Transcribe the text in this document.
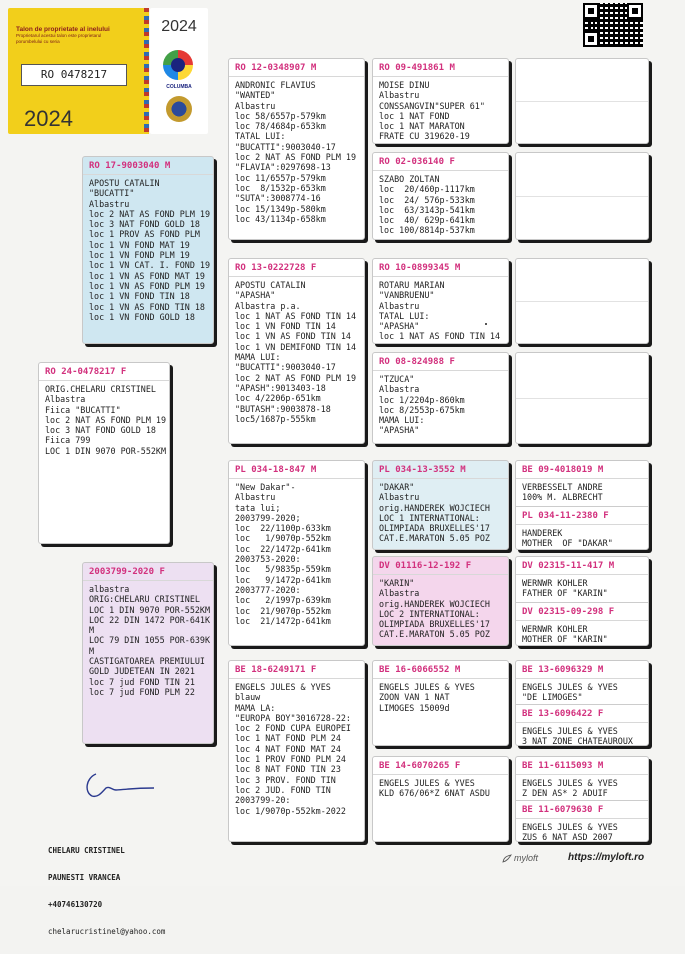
Talon de proprietate al inelului
Proprietarul acestui talon este proprietarul porumbelului cu seria
RO 0478217
2024
2024
COLUMBA
RO 12-0348907 M
ANDRONIC FLAVIUS
"WANTED"
Albastru
loc 58/6557p-579km
loc 78/4684p-653km
TATAL LUI:
"BUCATTI":9003040-17
loc 2 NAT AS FOND PLM 19
"FLAVIA":0297698-13
loc 11/6557p-579km
loc  8/1532p-653km
"SUTA":3008774-16
loc 15/1349p-580km
loc 43/1134p-658km
RO 09-491861 M
MOISE DINU
Albastru
CONSSANGVIN"SUPER 61"
loc 1 NAT FOND
loc 1 NAT MARATON
FRATE CU 319620-19
RO 02-036140 F
SZABO ZOLTAN
loc  20/460p-1117km
loc  24/ 576p-533km
loc  63/3143p-541km
loc  40/ 629p-641km
loc 100/8814p-537km
RO 17-9003040 M
APOSTU CATALIN
"BUCATTI"
Albastru
loc 2 NAT AS FOND PLM 19
loc 3 NAT FOND GOLD 18
loc 1 PROV AS FOND PLM
loc 1 VN FOND MAT 19
loc 1 VN FOND PLM 19
loc 1 VN CAT. I. FOND 19
loc 1 VN AS FOND MAT 19
loc 1 VN AS FOND PLM 19
loc 1 VN FOND TIN 18
loc 1 VN AS FOND TIN 18
loc 1 VN FOND GOLD 18
RO 13-0222728 F
APOSTU CATALIN
"APASHA"
Albastra p.a.
loc 1 NAT AS FOND TIN 14
loc 1 VN FOND TIN 14
loc 1 VN AS FOND TIN 14
loc 1 VN DEMIFOND TIN 14
MAMA LUI:
"BUCATTI":9003040-17
loc 2 NAT AS FOND PLM 19
"APASH":9013403-18
loc 4/2206p-651km
"BUTASH":9003878-18
loc5/1687p-555km
RO 10-0899345 M
ROTARU MARIAN
"VANBRUENU"
Albastru
TATAL LUI:
"APASHA"
loc 1 NAT AS FOND TIN 14
RO 08-824988 F
"TZUCA"
Albastra
loc 1/2204p-860km
loc 8/2553p-675km
MAMA LUI:
"APASHA"
RO 24-0478217 F
ORIG.CHELARU CRISTINEL
Albastra
Fiica "BUCATTI"
loc 2 NAT AS FOND PLM 19
loc 3 NAT FOND GOLD 18
Fiica 799
LOC 1 DIN 9070 POR-552KM
PL 034-18-847 M
"New Dakar"-
Albastru
tata lui;
2003799-2020;
loc  22/1100p-633km
loc   1/9070p-552km
loc  22/1472p-641km
2003753-2020:
loc   5/9835p-559km
loc   9/1472p-641km
2003777-2020:
loc   2/1997p-639km
loc  21/9070p-552km
loc  21/1472p-641km
PL 034-13-3552 M
"DAKAR"
Albastru
orig.HANDEREK WOJCIECH
LOC 1 INTERNATIONAL:
OLIMPIADA BRUXELLES'17
CAT.E.MARATON 5.05 POZ
BE 09-4018019 M
VERBESSELT ANDRE
100% M. ALBRECHT
PL 034-11-2380 F
HANDEREK
MOTHER  OF "DAKAR"
DV 01116-12-192 F
"KARIN"
Albastra
orig.HANDEREK WOJCIECH
LOC 2 INTERNATIONAL:
OLIMPIADA BRUXELLES'17
CAT.E.MARATON 5.05 POZ
DV 02315-11-417 M
WERNWR KOHLER
FATHER OF "KARIN"
DV 02315-09-298 F
WERNWR KOHLER
MOTHER OF "KARIN"
2003799-2020 F
albastra
ORIG:CHELARU CRISTINEL
LOC 1 DIN 9070 POR-552KM
LOC 22 DIN 1472 POR-641K
M
LOC 79 DIN 1055 POR-639K
M
CASTIGATOAREA PREMIULUI
GOLD JUDETEAN IN 2021
loc 7 jud FOND TIN 21
loc 7 jud FOND PLM 22
BE 18-6249171 F
ENGELS JULES & YVES
blauw
MAMA LA:
"EUROPA BOY"3016728-22:
loc 2 FOND CUPA EUROPEI
loc 1 NAT FOND PLM 24
loc 4 NAT FOND MAT 24
loc 1 PROV FOND PLM 24
loc 8 NAT FOND TIN 23
loc 3 PROV. FOND TIN
loc 2 JUD. FOND TIN
2003799-20:
loc 1/9070p-552km-2022
BE 16-6066552 M
ENGELS JULES & YVES
ZOON VAN 1 NAT
LIMOGES 15009d
BE 13-6096329 M
ENGELS JULES & YVES
"DE LIMOGES"
BE 13-6096422 F
ENGELS JULES & YVES
3 NAT ZONE CHATEAUROUX
BE 14-6070265 F
ENGELS JULES & YVES
KLD 676/06*Z 6NAT ASDU
BE 11-6115093 M
ENGELS JULES & YVES
Z DEN AS* 2 ADUIF
BE 11-6079630 F
ENGELS JULES & YVES
ZUS 6 NAT ASD 2007

CHELARU CRISTINEL

PAUNESTI VRANCEA

+40746130720

chelarucristinel@yahoo.com

myloft	https://myloft.ro
